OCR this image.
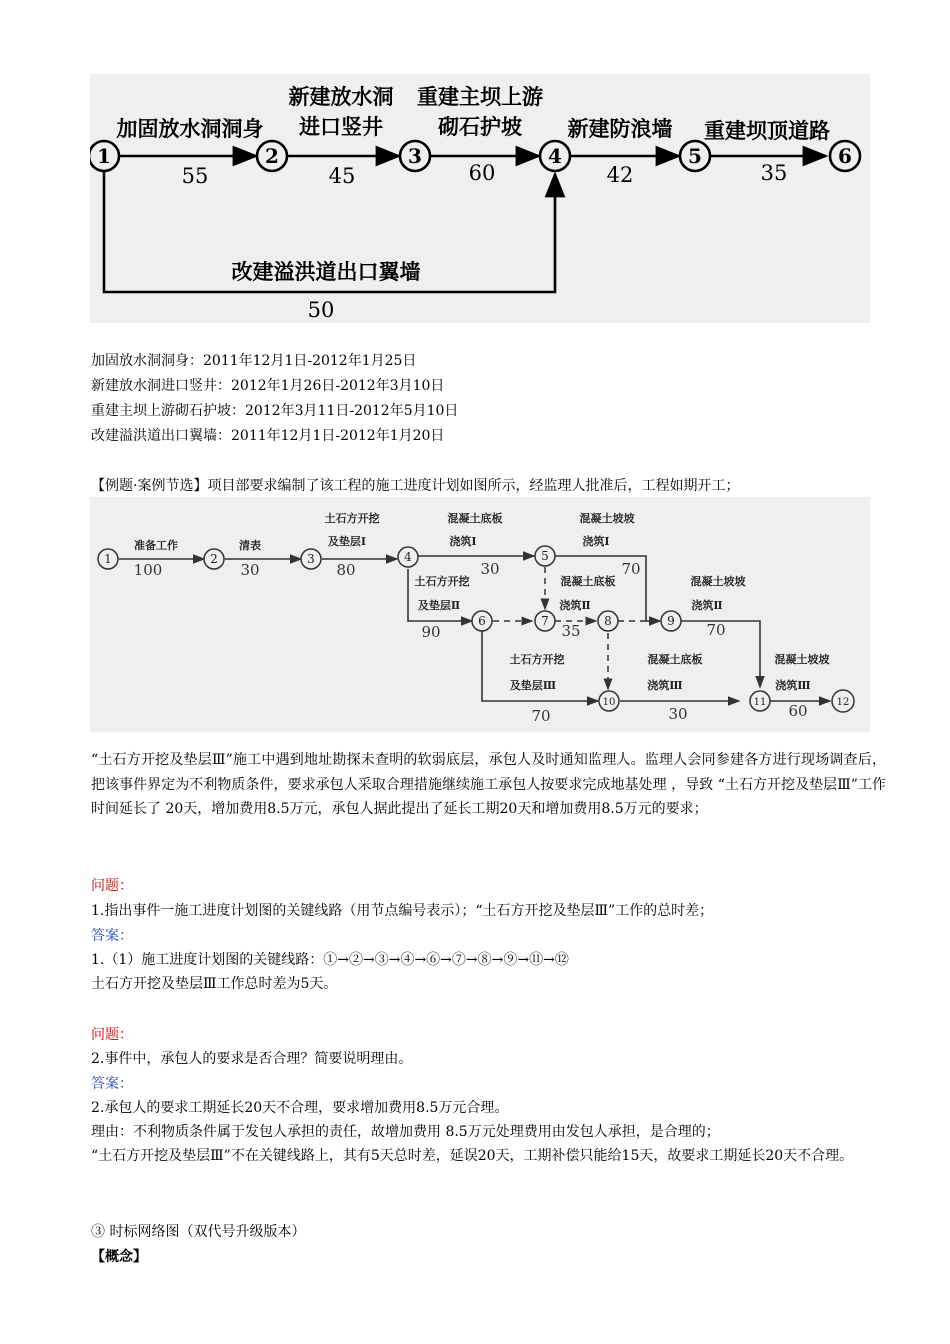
1	2	3	4	5	6
加固放水洞洞身
新建放水洞
进口竖井
重建主坝上游
砌石护坡 新建防浪墙 重建坝顶道路
改建溢洪道出口翼墙
55	45	60	42	35
50
加固放水洞洞身：2011年12月1日-2012年1月25日
新建放水洞进口竖井：2012年1月26日-2012年3月10日
重建主坝上游砌石护坡：2012年3月11日-2012年5月10日
改建溢洪道出口翼墙：2011年12月1日-2012年1月20日
【例题·案例节选】项目部要求编制了该工程的施工进度计划如图所示，经监理人批准后，工程如期开工；
1	2	3	4	5
6	7	8	9
10	11	12
准备工作	清表
土石方开挖
及垫层Ⅰ
混凝土底板
浇筑Ⅰ
混凝土坡坡
浇筑Ⅰ
土石方开挖
及垫层Ⅱ
混凝土底板
浇筑Ⅱ
混凝土坡坡
浇筑Ⅱ
土石方开挖
及垫层Ⅲ
混凝土底板
浇筑Ⅲ
混凝土坡坡
浇筑Ⅲ
100	30	80	30	70
90	35	70
70	30	60
“土石方开挖及垫层Ⅲ”施工中遇到地址勘探未查明的软弱底层，承包人及时通知监理人。监理人会同参建各方进行现场调查后，把该事件界定为不利物质条件，要求承包人采取合理措施继续施工承包人按要求完成地基处理 ，导致 “土石方开挖及垫层Ⅲ”工作时间延长了 20天，增加费用8.5万元，承包人据此提出了延长工期20天和增加费用8.5万元的要求；
问题：
1.指出事件一施工进度计划图的关键线路（用节点编号表示）；“土石方开挖及垫层Ⅲ”工作的总时差；
答案：
1.（1）施工进度计划图的关键线路：①→②→③→④→⑥→⑦→⑧→⑨→⑪→⑫
土石方开挖及垫层Ⅲ工作总时差为5天。
问题：
2.事件中，承包人的要求是否合理？简要说明理由。
答案：
2.承包人的要求工期延长20天不合理，要求增加费用8.5万元合理。
理由：不利物质条件属于发包人承担的责任，故增加费用 8.5万元处理费用由发包人承担，是合理的；
“土石方开挖及垫层Ⅲ”不在关键线路上，其有5天总时差，延误20天，工期补偿只能给15天，故要求工期延长20天不合理。
③ 时标网络图（双代号升级版本）
【概念】
